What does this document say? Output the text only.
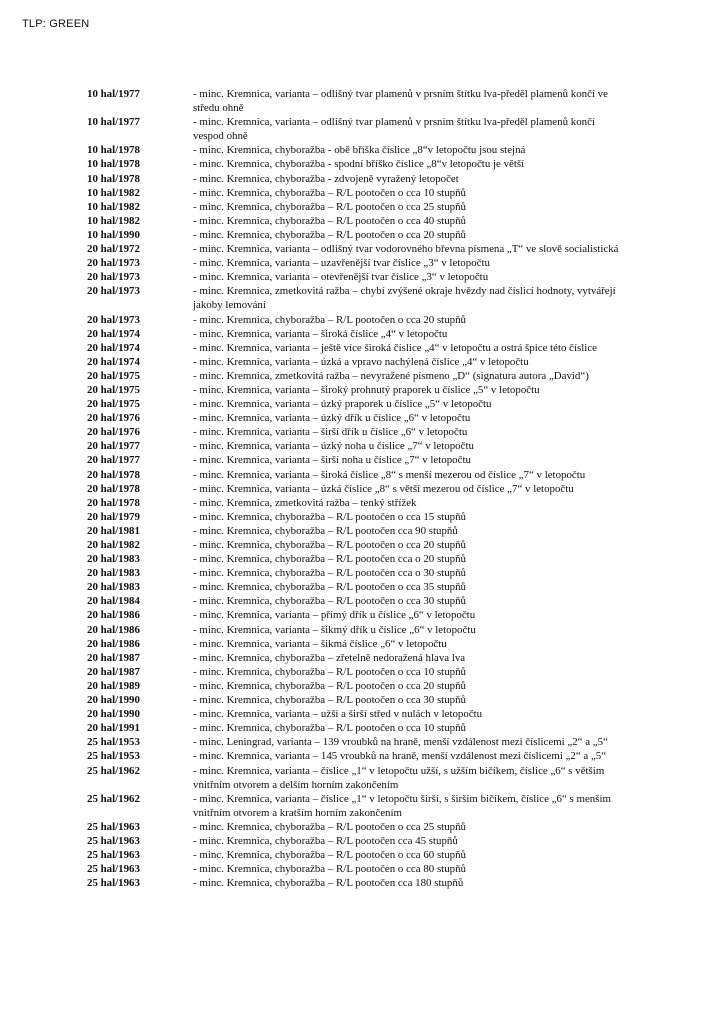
TLP: GREEN
10 hal/1977	- minc. Kremnica, varianta – odlišný tvar plamenů v prsním štítku lva-předěl plamenů končí ve středu ohně
10 hal/1977	- minc. Kremnica, varianta – odlišný tvar plamenů v prsním štítku lva-předěl plamenů končí vespod ohně
10 hal/1978	- minc. Kremnica, chyboražba - obě bříška číslice „8“v letopočtu jsou stejná
10 hal/1978	- minc. Kremnica, chyboražba - spodní bříško číslice „8“v letopočtu je větší
10 hal/1978	- minc. Kremnica, chyboražba - zdvojeně vyražený letopočet
10 hal/1982	- minc. Kremnica, chyboražba – R/L pootočen o cca 10 stupňů
10 hal/1982	- minc. Kremnica, chyboražba – R/L pootočen o cca 25 stupňů
10 hal/1982	- minc. Kremnica, chyboražba – R/L pootočen o cca 40 stupňů
10 hal/1990	- minc. Kremnica, chyboražba – R/L pootočen o cca 20 stupňů
20 hal/1972	- minc. Kremnica, varianta – odlišný tvar vodorovného břevna písmena „T“ ve slově socialistická
20 hal/1973	- minc. Kremnica, varianta – uzavřenější tvar číslice „3“ v letopočtu
20 hal/1973	- minc. Kremnica, varianta – otevřenější tvar číslice „3“ v letopočtu
20 hal/1973	- minc. Kremnica, zmetkovitá ražba – chybí zvýšené okraje hvězdy nad číslicí hodnoty, vytvářejí jakoby lemování
20 hal/1973	- minc. Kremnica, chyboražba – R/L pootočen o cca 20 stupňů
20 hal/1974	- minc. Kremnica, varianta – široká číslice „4“ v letopočtu
20 hal/1974	- minc. Kremnica, varianta – ještě více široká číslice „4“ v letopočtu a ostrá špice této číslice
20 hal/1974	- minc. Kremnica, varianta – úzká a vpravo nachýlená číslice „4“ v letopočtu
20 hal/1975	- minc. Kremnica, zmetkovitá ražba – nevyražené písmeno „D“ (signatura autora „David“)
20 hal/1975	- minc. Kremnica, varianta – široký prohnutý praporek u číslice „5“ v letopočtu
20 hal/1975	- minc. Kremnica, varianta – úzký praporek u číslice „5“ v letopočtu
20 hal/1976	- minc. Kremnica, varianta – úzký dřík u číslice „6“ v letopočtu
20 hal/1976	- minc. Kremnica, varianta – širší dřík u číslice „6“ v letopočtu
20 hal/1977	- minc. Kremnica, varianta – úzký noha u číslice „7“ v letopočtu
20 hal/1977	- minc. Kremnica, varianta – širší noha u číslice „7“ v letopočtu
20 hal/1978	- minc. Kremnica, varianta – široká číslice „8“ s menší mezerou od číslice „7“ v letopočtu
20 hal/1978	- minc. Kremnica, varianta – úzká číslice „8“ s větší mezerou od číslice „7“ v letopočtu
20 hal/1978	- minc. Kremnica, zmetkovitá ražba – tenký střížek
20 hal/1979	- minc. Kremnica, chyboražba – R/L pootočen o cca 15 stupňů
20 hal/1981	- minc. Kremnica, chyboražba – R/L pootočen cca 90 stupňů
20 hal/1982	- minc. Kremnica, chyboražba – R/L pootočen o cca 20 stupňů
20 hal/1983	- minc. Kremnica, chyboražba – R/L pootočen cca o 20 stupňů
20 hal/1983	- minc. Kremnica, chyboražba – R/L pootočen cca o 30 stupňů
20 hal/1983	- minc. Kremnica, chyboražba – R/L pootočen o cca 35 stupňů
20 hal/1984	- minc. Kremnica, chyboražba – R/L pootočen o cca 30 stupňů
20 hal/1986	- minc. Kremnica, varianta – přímý dřík u číslice „6“ v letopočtu
20 hal/1986	- minc. Kremnica, varianta – šikmý dřík u číslice „6“ v letopočtu
20 hal/1986	- minc. Kremnica, varianta – šikmá číslice „6“ v letopočtu
20 hal/1987	- minc. Kremnica, chyboražba – zřetelně nedoražená hlava lva
20 hal/1987	- minc. Kremnica, chyboražba – R/L pootočen o cca 10 stupňů
20 hal/1989	- minc. Kremnica, chyboražba – R/L pootočen o cca 20 stupňů
20 hal/1990	- minc. Kremnica, chyboražba – R/L pootočen o cca 30 stupňů
20 hal/1990	- minc. Kremnica, varianta – užší a širší střed v nulách v letopočtu
20 hal/1991	- minc. Kremnica, chyboražba – R/L pootočen o cca 10 stupňů
25 hal/1953	- minc. Leningrad, varianta – 139 vroubků na hraně, menší vzdálenost mezi číslicemi „2“ a „5“
25 hal/1953	- minc. Kremnica, varianta – 145 vroubků na hraně, menší vzdálenost mezi číslicemi „2“ a „5“
25 hal/1962	- minc. Kremnica, varianta – číslice „1“ v letopočtu užší, s užším bičíkem, číslice „6“ s větším vnitřním otvorem a delším horním zakončením
25 hal/1962	- minc. Kremnica, varianta – číslice „1“ v letopočtu širší, s širším bičíkem, číslice „6“ s menším vnitřním otvorem a kratším horním zakončením
25 hal/1963	- minc. Kremnica, chyboražba – R/L pootočen o cca 25 stupňů
25 hal/1963	- minc. Kremnica, chyboražba – R/L pootočen cca 45 stupňů
25 hal/1963	- minc. Kremnica, chyboražba – R/L pootočen o cca 60 stupňů
25 hal/1963	- minc. Kremnica, chyboražba – R/L pootočen o cca 80 stupňů
25 hal/1963	- minc. Kremnica, chyboražba – R/L pootočen cca 180 stupňů
